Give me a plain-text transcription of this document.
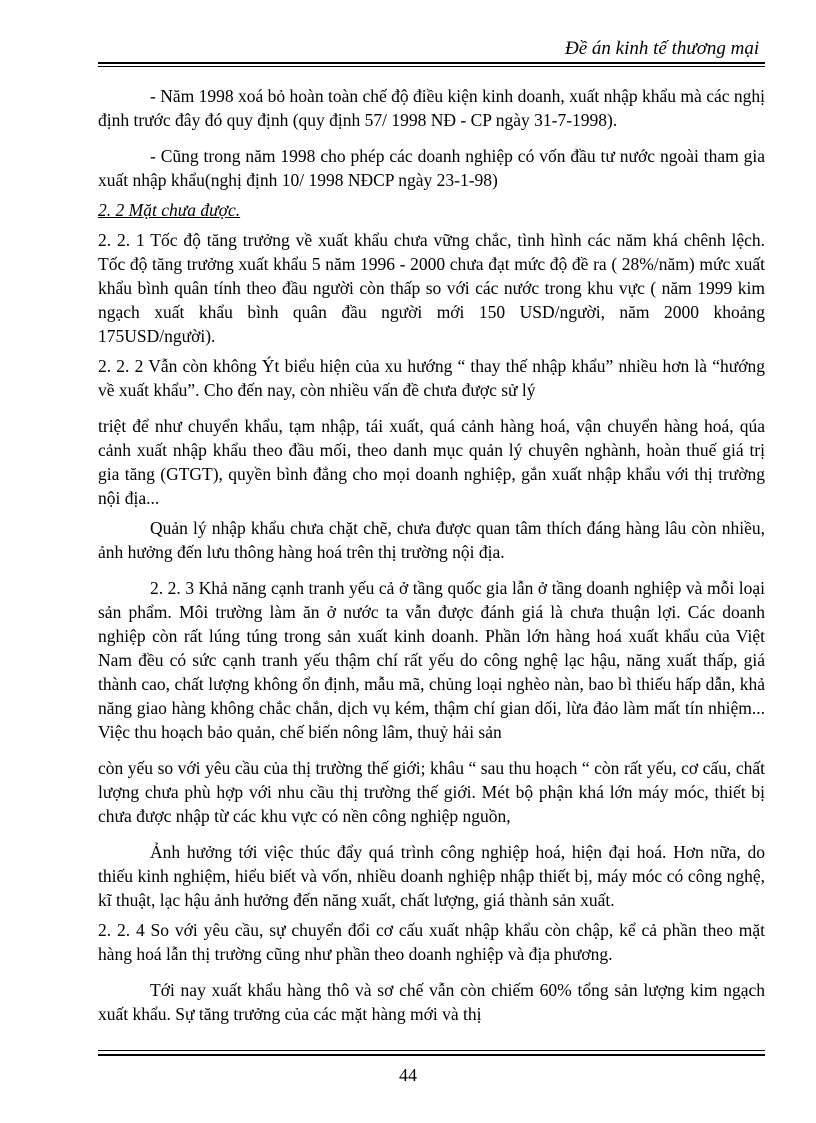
Đề án kinh tế thương mại

- Năm 1998 xoá bỏ hoàn toàn chế độ điều kiện kinh doanh, xuất nhập khẩu mà các nghị định trước đây đó quy định (quy định 57/ 1998 NĐ - CP ngày 31-7-1998).

- Cũng trong năm 1998 cho phép các doanh nghiệp có vốn đầu tư nước ngoài tham gia xuất nhập khẩu(nghị định 10/ 1998 NĐCP ngày 23-1-98)

2. 2 Mặt chưa được.

2. 2. 1 Tốc độ tăng trưởng về xuất khẩu chưa vững chắc, tình hình các năm khá chênh lệch. Tốc độ tăng trưởng xuất khẩu 5 năm 1996 - 2000 chưa đạt mức độ đề ra ( 28%/năm) mức xuất khẩu bình quân tính theo đầu người còn thấp so với các nước trong khu vực ( năm 1999 kim ngạch xuất khẩu bình quân đầu người mới 150 USD/người, năm 2000 khoảng 175USD/người).

2. 2. 2 Vẫn còn không Ýt biểu hiện của xu hướng “ thay thế nhập khẩu” nhiều hơn là “hướng về xuất khẩu”. Cho đến nay, còn nhiều vấn đề chưa được sử lý

triệt để như chuyển khẩu, tạm nhập, tái xuất, quá cảnh hàng hoá, vận chuyển hàng hoá, qúa cảnh xuất nhập khẩu theo đầu mối, theo danh mục quản lý chuyên nghành, hoàn thuế giá trị gia tăng (GTGT), quyền bình đẳng cho mọi doanh nghiệp, gắn xuất nhập khẩu với thị trường nội địa...

Quản lý nhập khẩu chưa chặt chẽ, chưa được quan tâm thích đáng hàng lâu còn nhiều, ảnh hưởng đến lưu thông hàng hoá trên thị trường nội địa.

2. 2. 3 Khả năng cạnh tranh yếu cả ở tầng quốc gia lẫn ở tầng doanh nghiệp và mỗi loại sản phẩm. Môi trường làm ăn ở nước ta vẫn được đánh giá là chưa thuận lợi. Các doanh nghiệp còn rất lúng túng trong sản xuất kinh doanh. Phần lớn hàng hoá xuất khẩu của Việt Nam đều có sức cạnh tranh yếu thậm chí rất yếu do công nghệ lạc hậu, năng xuất thấp, giá thành cao, chất lượng không ổn định, mẫu mã, chủng loại nghèo nàn, bao bì thiếu hấp dẫn, khả năng giao hàng không chắc chắn, dịch vụ kém, thậm chí gian dối, lừa đảo làm mất tín nhiệm... Việc thu hoạch bảo quản, chế biến nông lâm, thuỷ hải sản

còn yếu so với yêu cầu của thị trường thế giới; khâu “ sau thu hoạch “ còn rất yếu, cơ cấu, chất lượng chưa phù hợp với nhu cầu thị trường thế giới. Mét bộ phận khá lớn máy móc, thiết bị chưa được nhập từ các khu vực có nền công nghiệp nguồn,

Ảnh hưởng tới việc thúc đẩy quá trình công nghiệp hoá, hiện đại hoá. Hơn nữa, do thiếu kinh nghiệm, hiểu biết và vốn, nhiều doanh nghiệp nhập thiết bị, máy móc có công nghệ, kĩ thuật, lạc hậu ảnh hưởng đến năng xuất, chất lượng, giá thành sản xuất.

2. 2. 4 So với yêu cầu, sự chuyển đổi cơ cấu xuất nhập khẩu còn chập, kể cả phần theo mặt hàng hoá lẫn thị trường cũng như phần theo doanh nghiệp và địa phương.

Tới nay xuất khẩu hàng thô và sơ chế vẫn còn chiếm 60% tổng sản lượng kim ngạch xuất khẩu. Sự tăng trưởng của các mặt hàng mới và thị

44
